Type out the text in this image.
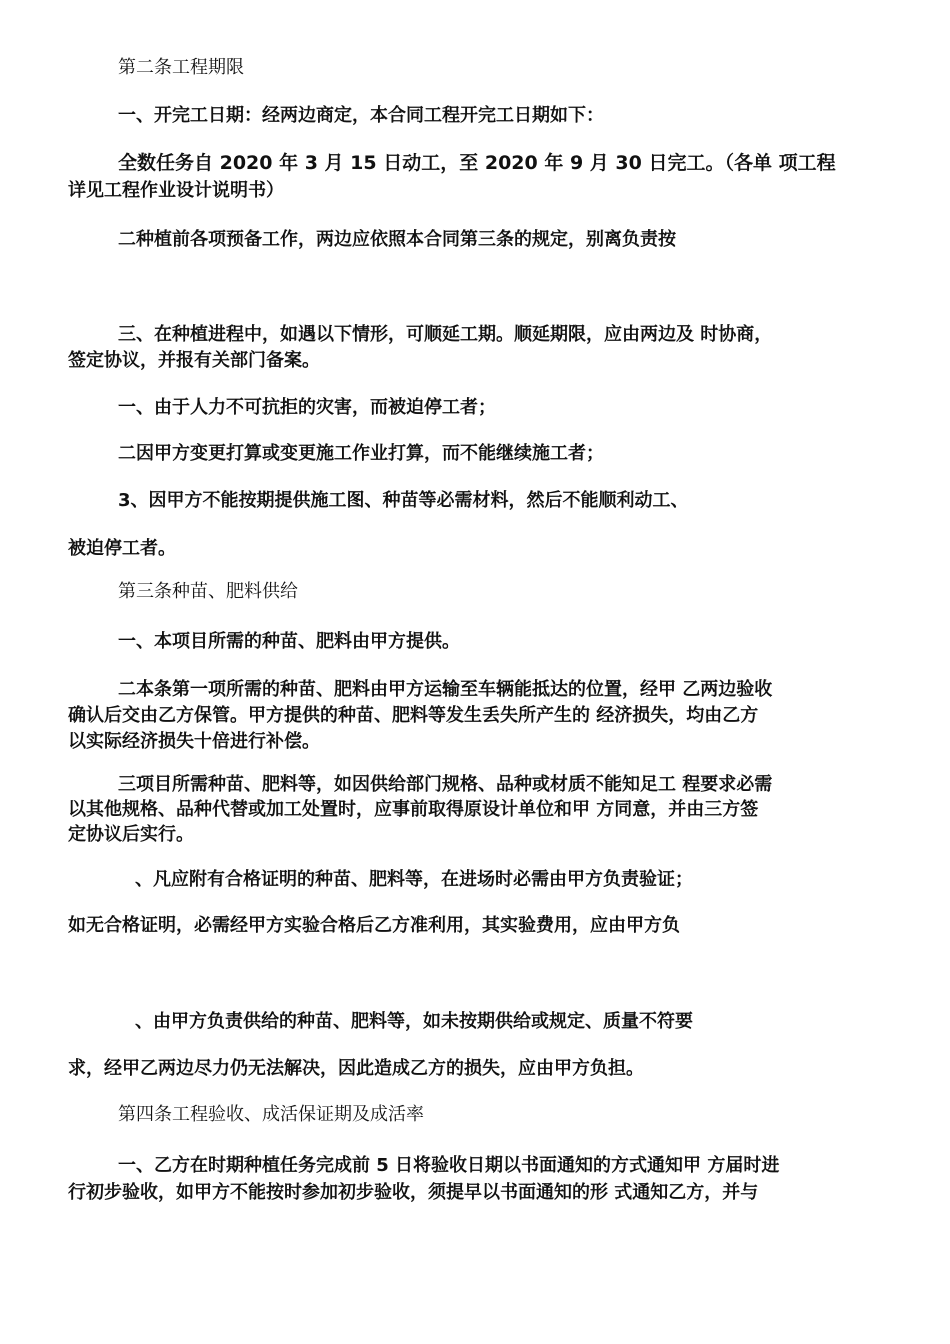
第二条工程期限
一、开完工日期：经两边商定，本合同工程开完工日期如下：
全数任务自 2020 年 3 月 15 日动工，至 2020 年 9 月 30 日完工。（各单 项工程
详见工程作业设计说明书）
二种植前各项预备工作，两边应依照本合同第三条的规定，别离负责按
三、在种植进程中，如遇以下情形，可顺延工期。顺延期限，应由两边及 时协商，
签定协议，并报有关部门备案。
一、由于人力不可抗拒的灾害，而被迫停工者；
二因甲方变更打算或变更施工作业打算，而不能继续施工者；
3、因甲方不能按期提供施工图、种苗等必需材料，然后不能顺利动工、
被迫停工者。
第三条种苗、肥料供给
一、本项目所需的种苗、肥料由甲方提供。
二本条第一项所需的种苗、肥料由甲方运输至车辆能抵达的位置，经甲 乙两边验收
确认后交由乙方保管。甲方提供的种苗、肥料等发生丢失所产生的 经济损失，均由乙方
以实际经济损失十倍进行补偿。
三项目所需种苗、肥料等，如因供给部门规格、品种或材质不能知足工 程要求必需
以其他规格、品种代替或加工处置时，应事前取得原设计单位和甲 方同意，并由三方签
定协议后实行。
、凡应附有合格证明的种苗、肥料等，在进场时必需由甲方负责验证；
如无合格证明，必需经甲方实验合格后乙方准利用，其实验费用，应由甲方负
、由甲方负责供给的种苗、肥料等，如未按期供给或规定、质量不符要
求，经甲乙两边尽力仍无法解决，因此造成乙方的损失，应由甲方负担。
第四条工程验收、成活保证期及成活率
一、乙方在时期种植任务完成前 5 日将验收日期以书面通知的方式通知甲 方届时进
行初步验收，如甲方不能按时参加初步验收，须提早以书面通知的形 式通知乙方，并与
